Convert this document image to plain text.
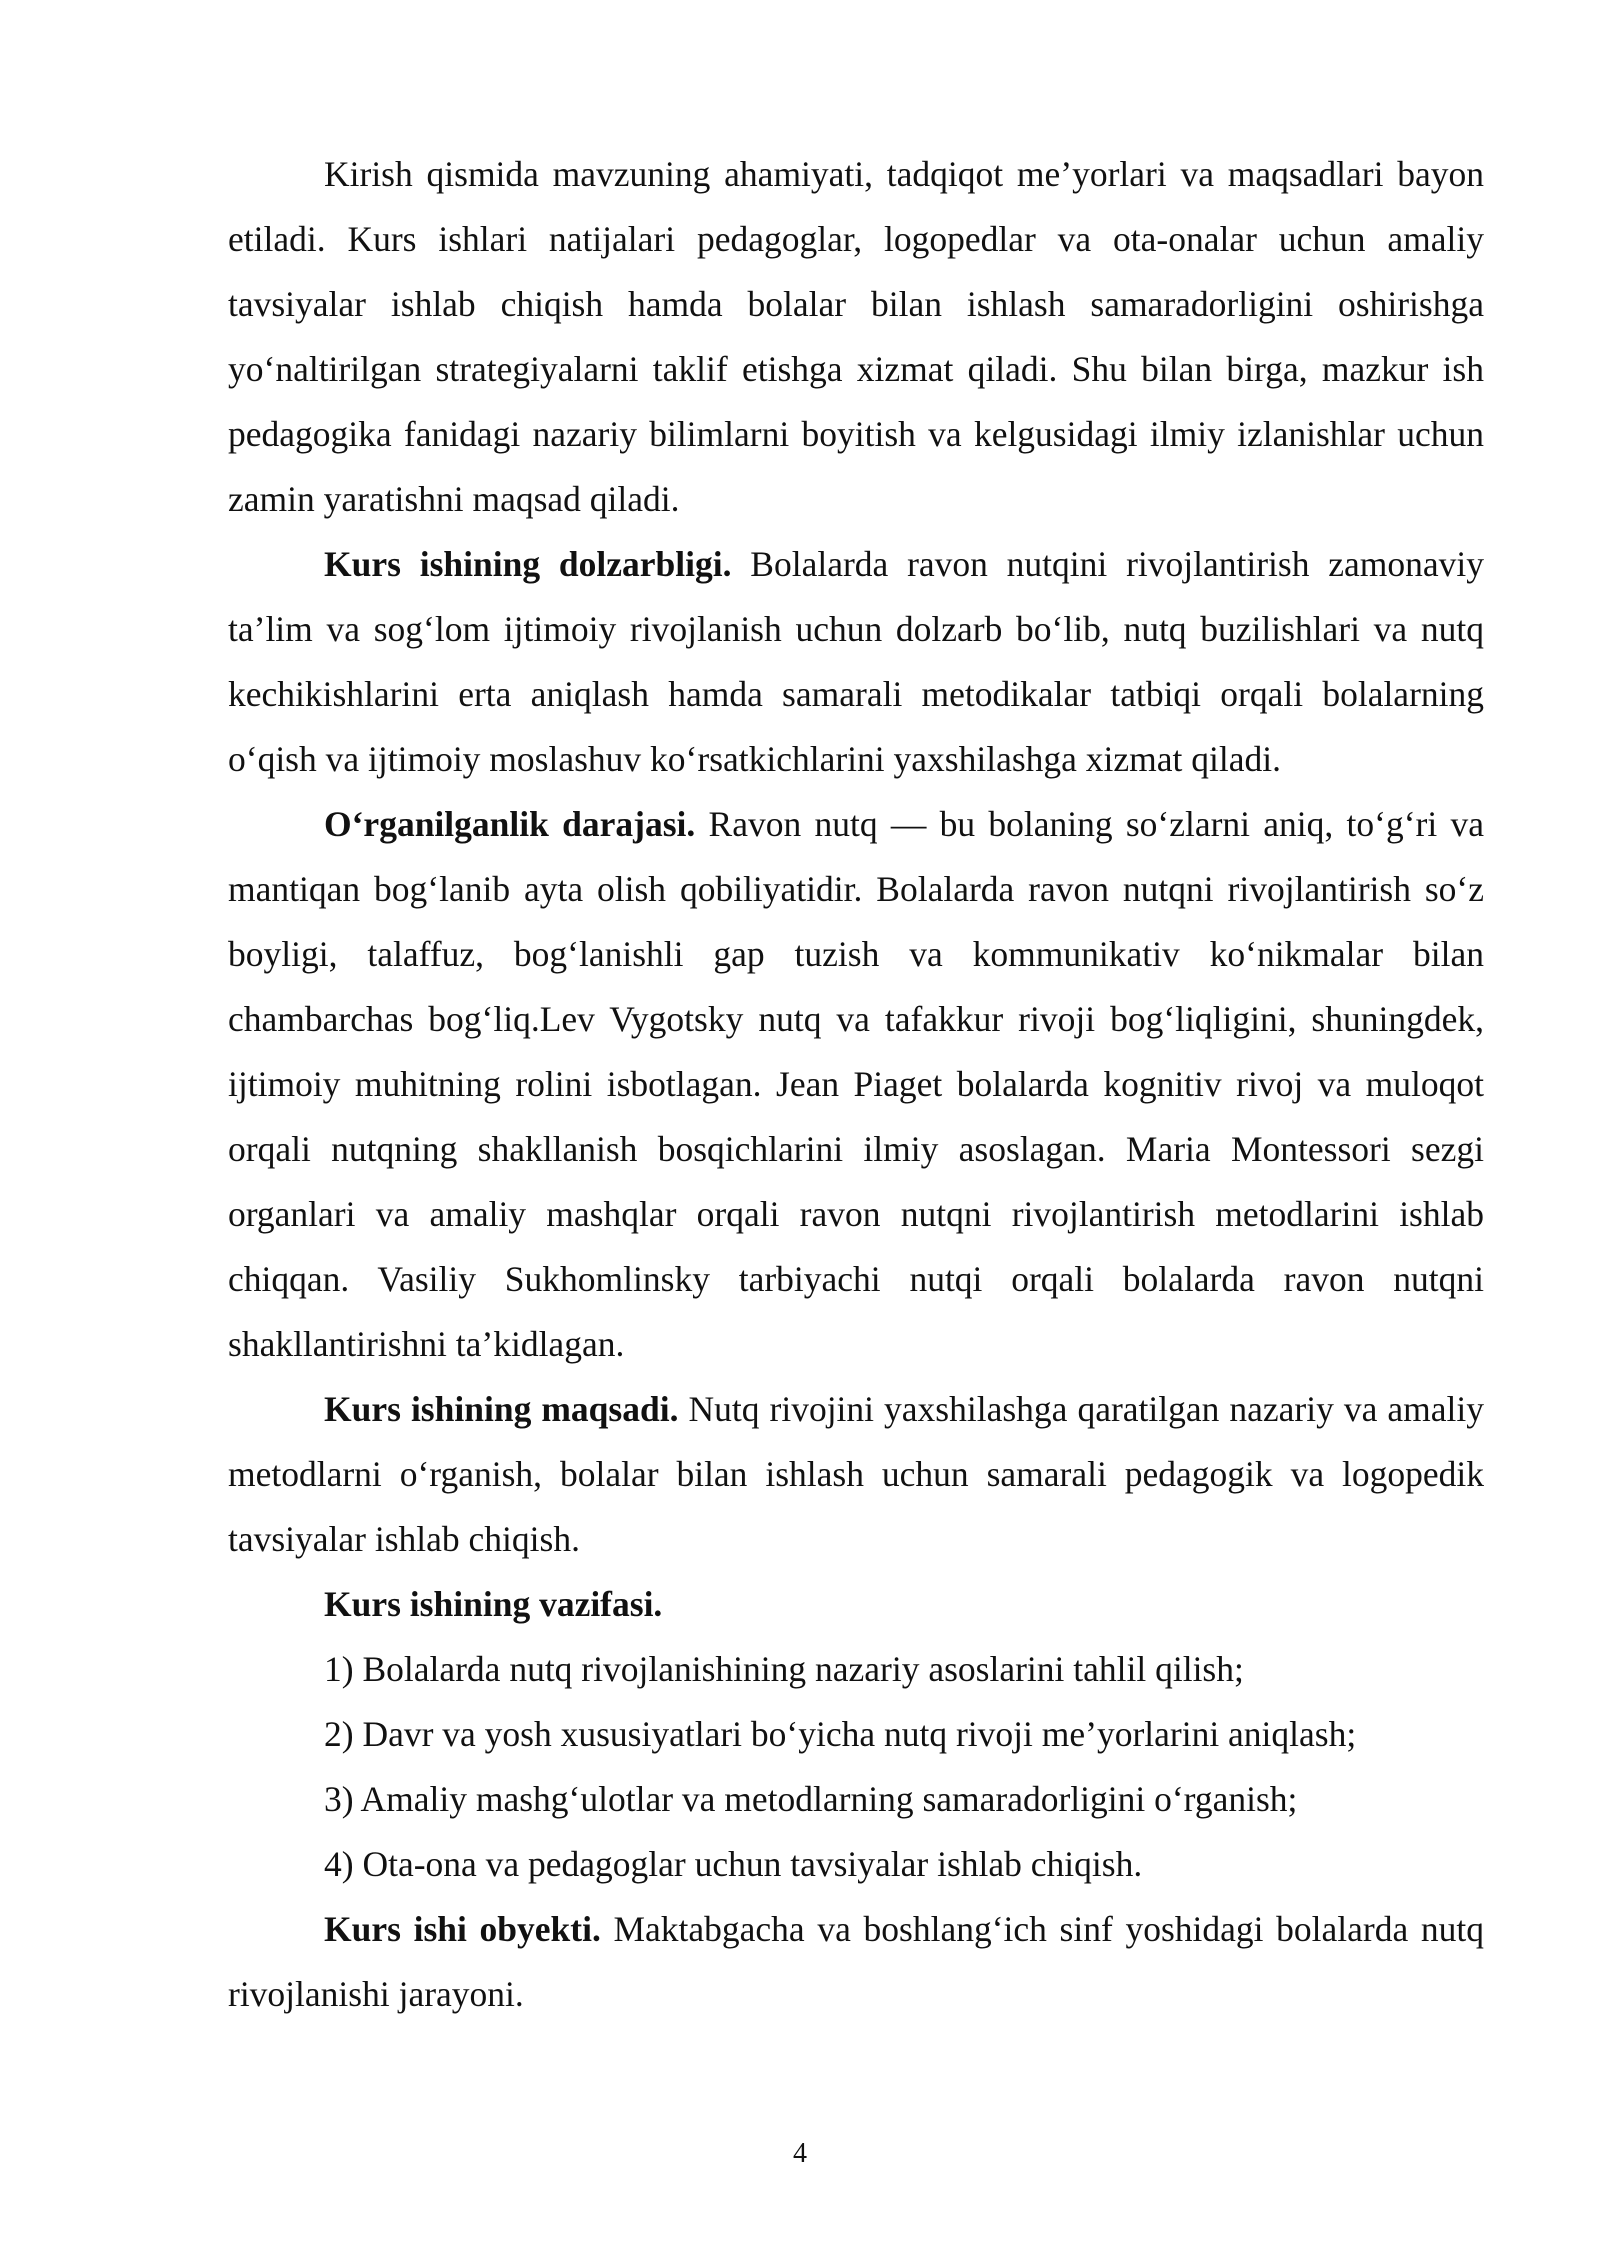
Kirish qismida mavzuning ahamiyati, tadqiqot me’yorlari va maqsadlari bayon etiladi. Kurs ishlari natijalari pedagoglar, logopedlar va ota-onalar uchun amaliy tavsiyalar ishlab chiqish hamda bolalar bilan ishlash samaradorligini oshirishga yo‘naltirilgan strategiyalarni taklif etishga xizmat qiladi. Shu bilan birga, mazkur ish pedagogika fanidagi nazariy bilimlarni boyitish va kelgusidagi ilmiy izlanishlar uchun zamin yaratishni maqsad qiladi.

Kurs ishining dolzarbligi. Bolalarda ravon nutqini rivojlantirish zamonaviy ta’lim va sog‘lom ijtimoiy rivojlanish uchun dolzarb bo‘lib, nutq buzilishlari va nutq kechikishlarini erta aniqlash hamda samarali metodikalar tatbiqi orqali bolalarning o‘qish va ijtimoiy moslashuv ko‘rsatkichlarini yaxshilashga xizmat qiladi.

O‘rganilganlik darajasi. Ravon nutq — bu bolaning so‘zlarni aniq, to‘g‘ri va mantiqan bog‘lanib ayta olish qobiliyatidir. Bolalarda ravon nutqni rivojlantirish so‘z boyligi, talaffuz, bog‘lanishli gap tuzish va kommunikativ ko‘nikmalar bilan chambarchas bog‘liq.Lev Vygotsky nutq va tafakkur rivoji bog‘liqligini, shuningdek, ijtimoiy muhitning rolini isbotlagan. Jean Piaget bolalarda kognitiv rivoj va muloqot orqali nutqning shakllanish bosqichlarini ilmiy asoslagan. Maria Montessori sezgi organlari va amaliy mashqlar orqali ravon nutqni rivojlantirish metodlarini ishlab chiqqan. Vasiliy Sukhomlinsky tarbiyachi nutqi orqali bolalarda ravon nutqni shakllantirishni ta’kidlagan.

Kurs ishining maqsadi. Nutq rivojini yaxshilashga qaratilgan nazariy va amaliy metodlarni o‘rganish, bolalar bilan ishlash uchun samarali pedagogik va logopedik tavsiyalar ishlab chiqish.

Kurs ishining vazifasi.

1) Bolalarda nutq rivojlanishining nazariy asoslarini tahlil qilish;

2) Davr va yosh xususiyatlari bo‘yicha nutq rivoji me’yorlarini aniqlash;

3) Amaliy mashg‘ulotlar va metodlarning samaradorligini o‘rganish;

4) Ota-ona va pedagoglar uchun tavsiyalar ishlab chiqish.

Kurs ishi obyekti. Maktabgacha va boshlang‘ich sinf yoshidagi bolalarda nutq rivojlanishi jarayoni.

4
